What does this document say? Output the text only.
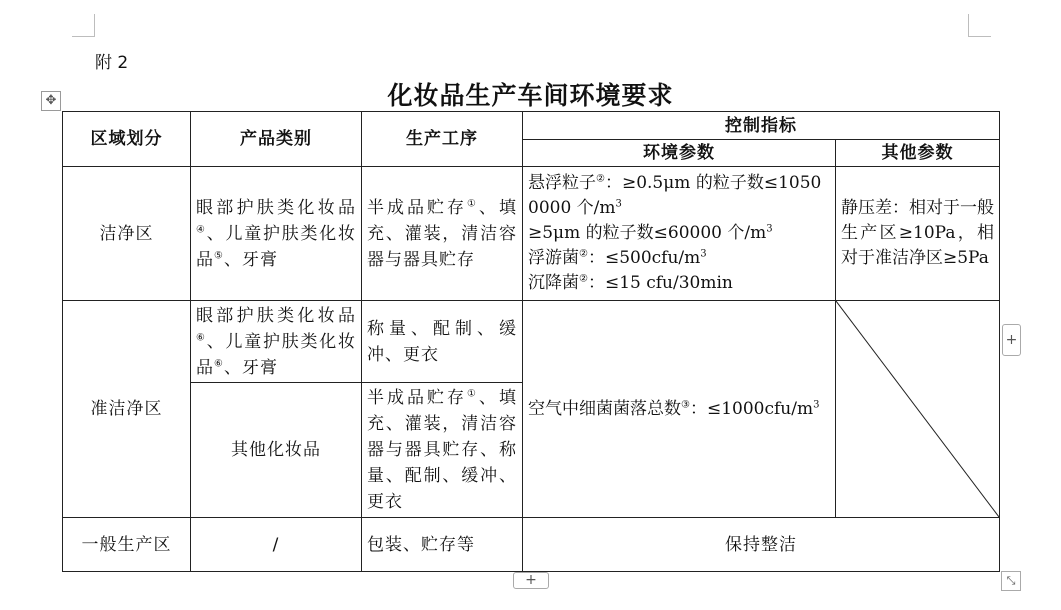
附 2
化妆品生产车间环境要求
✥
区域划分	产品类别	生产工序	控制指标	
			环境参数	其他参数
洁净区	眼部护肤类化妆品④、儿童护肤类化妆品⑤、牙膏	半成品贮存①、填充、灌装，清洁容器与器具贮存	悬浮粒子②：≥0.5μm 的粒子数≤10500000 个$/m^3$
≥5μm 的粒子数≤60000 个$/m^3$
浮游菌②：$\le 500cfu/m^3$
沉降菌②：≤15 cfu/30min	静压差：相对于一般生产区≥10Pa，相对于准洁净区≥5Pa
准洁净区	眼部护肤类化妆品⑥、儿童护肤类化妆品⑥、牙膏	称量、配制、缓冲、更衣	空气中细菌菌落总数③：$\le 1000cfu/m^3$	

	其他化妆品	半成品贮存①、填充、灌装，清洁容器与器具贮存、称量、配制、缓冲、更衣		
一般生产区	/	包装、贮存等	保持整洁	
+
+	⤡
